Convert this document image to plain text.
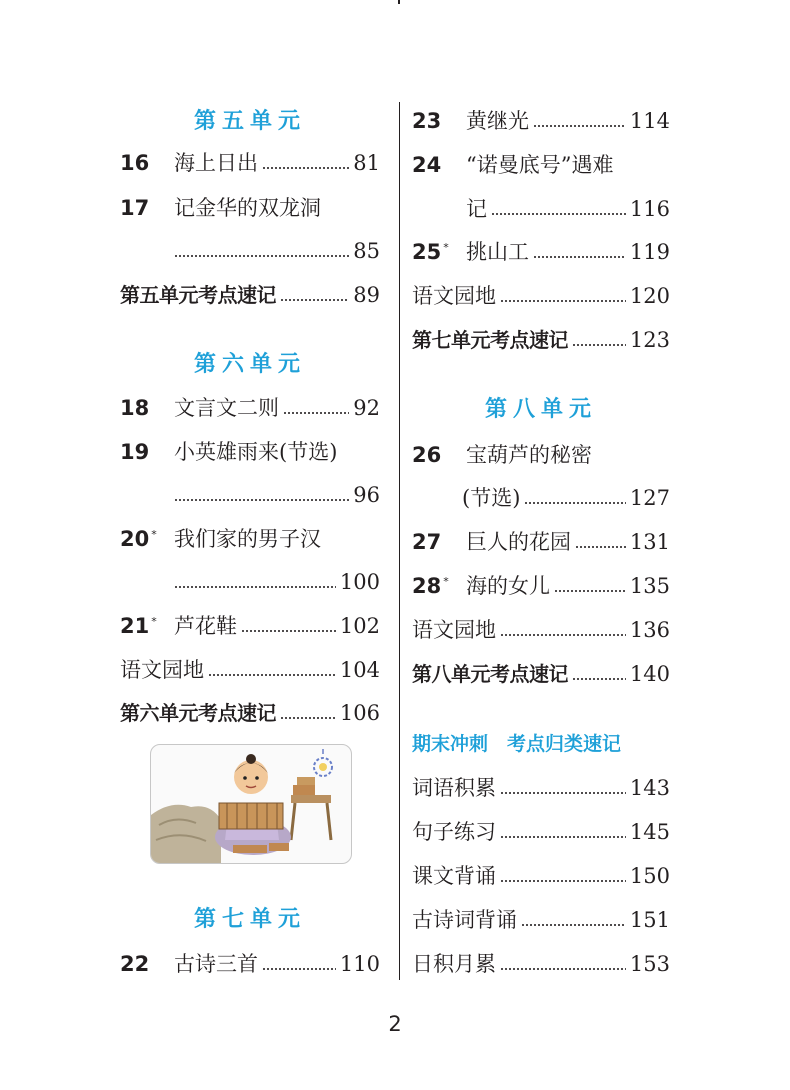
第五单元
16	海上日出	81
17	记金华的双龙洞
85
第五单元考点速记	89
第六单元
18	文言文二则	92
19	小英雄雨来(节选)
96
20 * 我们家的男子汉
100
21 * 芦花鞋	102
语文园地	104
第六单元考点速记	106
第七单元
22	古诗三首	110
23	黄继光	114
24	“诺曼底号”遇难
记	116
25 * 挑山工	119
语文园地	120
第七单元考点速记	123
第八单元
26	宝葫芦的秘密
(节选)	127
27	巨人的花园	131
28 * 海的女儿	135
语文园地	136
第八单元考点速记	140
期末冲刺　考点归类速记
词语积累	143
句子练习	145
课文背诵	150
古诗词背诵	151
日积月累	153
2
